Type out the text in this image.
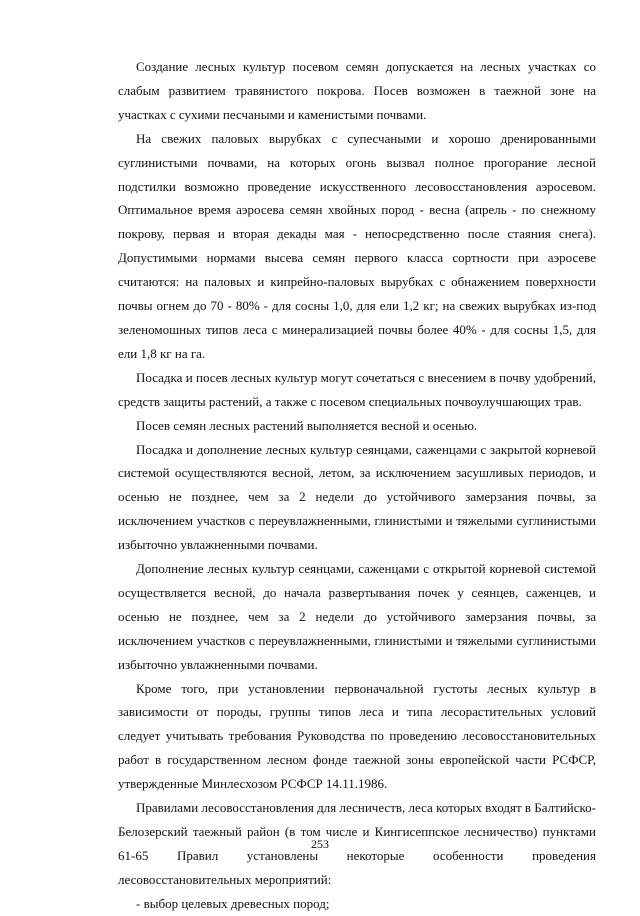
Создание лесных культур посевом семян допускается на лесных участках со слабым развитием травянистого покрова. Посев возможен в таежной зоне на участках с сухими песчаными и каменистыми почвами.

На свежих паловых вырубках с супесчаными и хорошо дренированными суглинистыми почвами, на которых огонь вызвал полное прогорание лесной подстилки возможно проведение искусственного лесовосстановления аэросевом. Оптимальное время аэросева семян хвойных пород - весна (апрель - по снежному покрову, первая и вторая декады мая - непосредственно после стаяния снега). Допустимыми нормами высева семян первого класса сортности при аэросеве считаются: на паловых и кипрейно-паловых вырубках с обнажением поверхности почвы огнем до 70 - 80% - для сосны 1,0, для ели 1,2 кг; на свежих вырубках из-под зеленомошных типов леса с минерализацией почвы более 40% - для сосны 1,5, для ели 1,8 кг на га.

Посадка и посев лесных культур могут сочетаться с внесением в почву удобрений, средств защиты растений, а также с посевом специальных почвоулучшающих трав.

Посев семян лесных растений выполняется весной и осенью.

Посадка и дополнение лесных культур сеянцами, саженцами с закрытой корневой системой осуществляются весной, летом, за исключением засушливых периодов, и осенью не позднее, чем за 2 недели до устойчивого замерзания почвы, за исключением участков с переувлажненными, глинистыми и тяжелыми суглинистыми избыточно увлажненными почвами.

Дополнение лесных культур сеянцами, саженцами с открытой корневой системой осуществляется весной, до начала развертывания почек у сеянцев, саженцев, и осенью не позднее, чем за 2 недели до устойчивого замерзания почвы, за исключением участков с переувлажненными, глинистыми и тяжелыми суглинистыми избыточно увлажненными почвами.

Кроме того, при установлении первоначальной густоты лесных культур в зависимости от породы, группы типов леса и типа лесорастительных условий следует учитывать требования Руководства по проведению лесовосстановительных работ в государственном лесном фонде таежной зоны европейской части РСФСР, утвержденные Минлесхозом РСФСР 14.11.1986.

Правилами лесовосстановления для лесничеств, леса которых входят в Балтийско-Белозерский таежный район (в том числе и Кингисеппское лесничество) пунктами 61-65 Правил установлены некоторые особенности проведения лесовосстановительных мероприятий:

- выбор целевых древесных пород;

253
